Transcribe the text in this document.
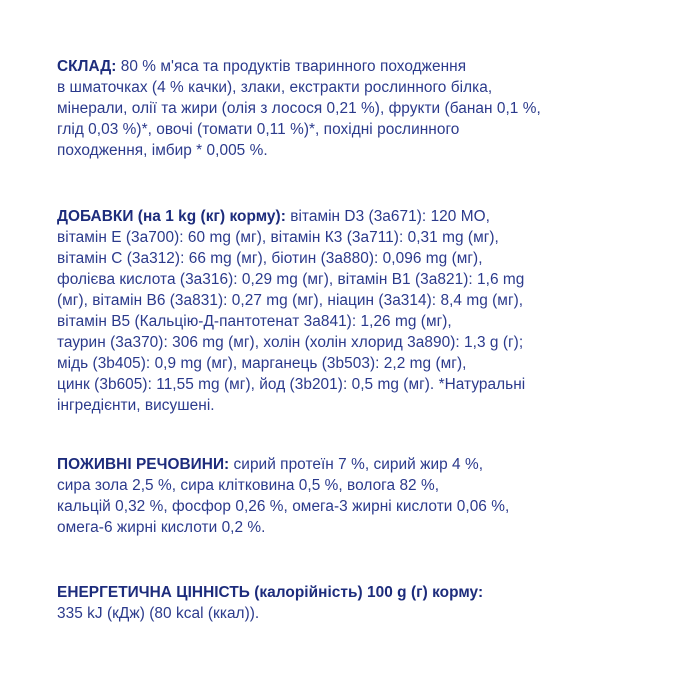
СКЛАД: 80 % м'яса та продуктів тваринного походження
в шматочках (4 % качки), злаки, екстракти рослинного білка,
мінерали, олії та жири (олія з лосося 0,21 %), фрукти (банан 0,1 %,
глід 0,03 %)*, овочі (томати 0,11 %)*, похідні рослинного
походження, імбир * 0,005 %.
ДОБАВКИ (на 1 kg (кг) корму): вітамін D3 (3a671): 120 МО,
вітамін Е (3a700): 60 mg (мг), вітамін К3 (3a711): 0,31 mg (мг),
вітамін С (3a312): 66 mg (мг), біотин (3a880): 0,096 mg (мг),
фолієва кислота (3a316): 0,29 mg (мг), вітамін В1 (3a821): 1,6 mg
(мг), вітамін В6 (3a831): 0,27 mg (мг), ніацин (3a314): 8,4 mg (мг),
вітамін В5 (Кальцію-Д-пантотенат 3a841): 1,26 mg (мг),
таурин (3a370): 306 mg (мг), холін (холін хлорид 3a890): 1,3 g (г);
мідь (3b405): 0,9 mg (мг), марганець (3b503): 2,2 mg (мг),
цинк (3b605): 11,55 mg (мг), йод (3b201): 0,5 mg (мг). *Натуральні
інгредієнти, висушені.
ПОЖИВНІ РЕЧОВИНИ: сирий протеїн 7 %, сирий жир 4 %,
сира зола 2,5 %, сира клітковина 0,5 %, волога 82 %,
кальцій 0,32 %, фосфор 0,26 %, омега-3 жирні кислоти 0,06 %,
омега-6 жирні кислоти 0,2 %.
ЕНЕРГЕТИЧНА ЦІННІСТЬ (калорійність) 100 g (г) корму:
335 kJ (кДж) (80 kcal (ккал)).
